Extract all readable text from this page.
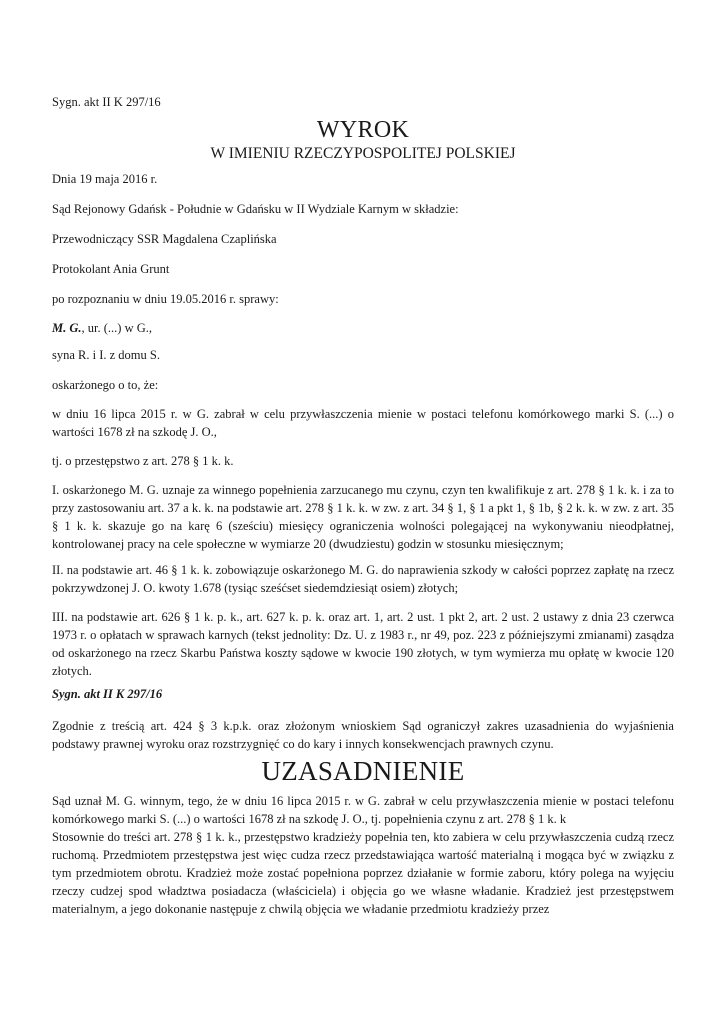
Sygn. akt II K 297/16

WYROK

W IMIENIU RZECZYPOSPOLITEJ POLSKIEJ

Dnia 19 maja 2016 r.

Sąd Rejonowy Gdańsk - Południe w Gdańsku w II Wydziale Karnym w składzie:

Przewodniczący SSR Magdalena Czaplińska

Protokolant Ania Grunt

po rozpoznaniu w dniu 19.05.2016 r. sprawy:

M. G., ur. (...) w G.,

syna R. i I. z domu S.

oskarżonego o to, że:

w dniu 16 lipca 2015 r. w G. zabrał w celu przywłaszczenia mienie w postaci telefonu komórkowego marki S. (...) o wartości 1678 zł na szkodę J. O.,

tj. o przestępstwo z art. 278 § 1 k. k.

I. oskarżonego M. G. uznaje za winnego popełnienia zarzucanego mu czynu, czyn ten kwalifikuje z art. 278 § 1 k. k. i za to przy zastosowaniu art. 37 a k. k. na podstawie art. 278 § 1 k. k. w zw. z art. 34 § 1, § 1 a pkt 1, § 1b, § 2 k. k. w zw. z art. 35 § 1 k. k. skazuje go na karę 6 (sześciu) miesięcy ograniczenia wolności polegającej na wykonywaniu nieodpłatnej, kontrolowanej pracy na cele społeczne w wymiarze 20 (dwudziestu) godzin w stosunku miesięcznym;

II. na podstawie art. 46 § 1 k. k. zobowiązuje oskarżonego M. G. do naprawienia szkody w całości poprzez zapłatę na rzecz pokrzywdzonej J. O. kwoty 1.678 (tysiąc sześćset siedemdziesiąt osiem) złotych;

III. na podstawie art. 626 § 1 k. p. k., art. 627 k. p. k. oraz art. 1, art. 2 ust. 1 pkt 2, art. 2 ust. 2 ustawy z dnia 23 czerwca 1973 r. o opłatach w sprawach karnych (tekst jednolity: Dz. U. z 1983 r., nr 49, poz. 223 z późniejszymi zmianami) zasądza od oskarżonego na rzecz Skarbu Państwa koszty sądowe w kwocie 190 złotych, w tym wymierza mu opłatę w kwocie 120 złotych.

Sygn. akt II K 297/16

Zgodnie z treścią art. 424 § 3 k.p.k. oraz złożonym wnioskiem Sąd ograniczył zakres uzasadnienia do wyjaśnienia podstawy prawnej wyroku oraz rozstrzygnięć co do kary i innych konsekwencjach prawnych czynu.

UZASADNIENIE

Sąd uznał M. G. winnym, tego, że w dniu 16 lipca 2015 r. w G. zabrał w celu przywłaszczenia mienie w postaci telefonu komórkowego marki S. (...) o wartości 1678 zł na szkodę J. O., tj. popełnienia czynu z art. 278 § 1 k. k

Stosownie do treści art. 278 § 1 k. k., przestępstwo kradzieży popełnia ten, kto zabiera w celu przywłaszczenia cudzą rzecz ruchomą. Przedmiotem przestępstwa jest więc cudza rzecz przedstawiająca wartość materialną i mogąca być w związku z tym przedmiotem obrotu. Kradzież może zostać popełniona poprzez działanie w formie zaboru, który polega na wyjęciu rzeczy cudzej spod władztwa posiadacza (właściciela) i objęcia go we własne władanie. Kradzież jest przestępstwem materialnym, a jego dokonanie następuje z chwilą objęcia we władanie przedmiotu kradzieży przez
